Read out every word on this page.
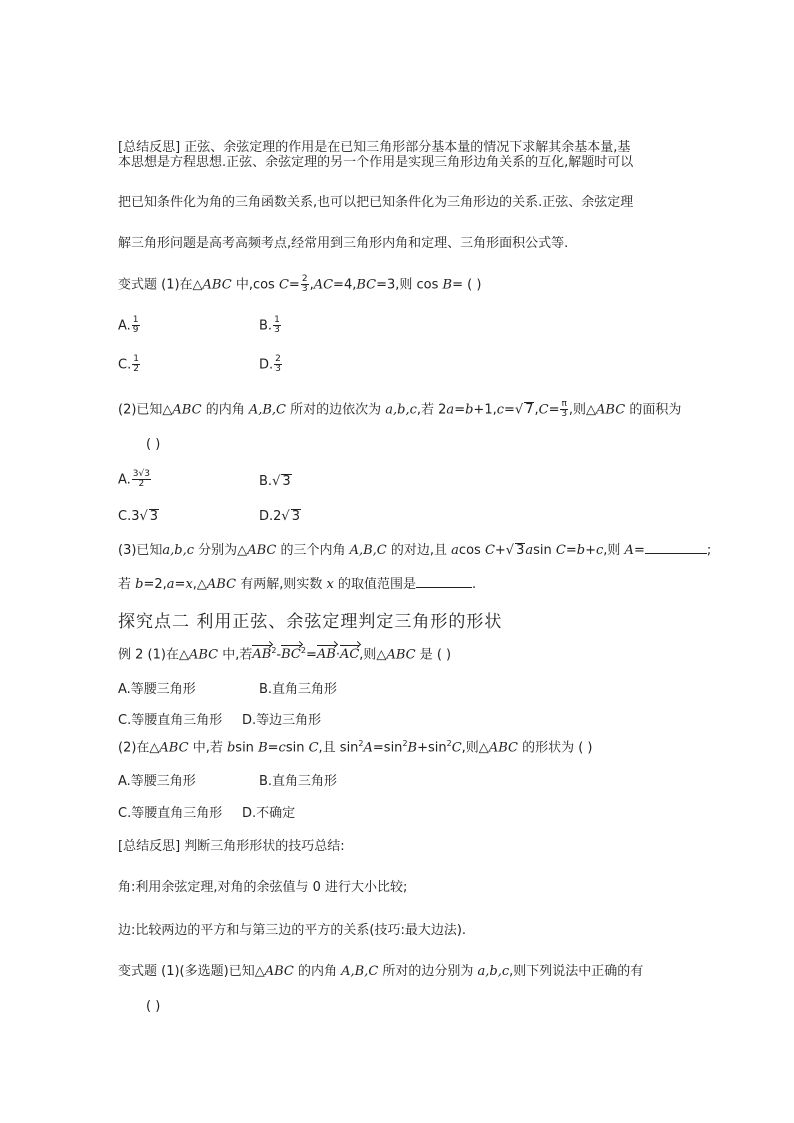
[总结反思] 正弦、余弦定理的作用是在已知三角形部分基本量的情况下求解其余基本量,基
本思想是方程思想.正弦、余弦定理的另一个作用是实现三角形边角关系的互化,解题时可以
把已知条件化为角的三角函数关系,也可以把已知条件化为三角形边的关系.正弦、余弦定理
解三角形问题是高考高频考点,经常用到三角形内角和定理、三角形面积公式等.
变式题 (1)在△ABC 中,cos $C= \frac{2}{3} ,AC=4,BC=3$,则 cos B= ( )
A. $\frac{1}{9}$	B. $\frac{1}{3}$
C. $\frac{1}{2}$	D. $\frac{2}{3}$
(2)已知△ABC 的内角 A,B,C 所对的边依次为 a,b,c,若 2a=b+1,c=√ $7,C= \frac{\pi}{3}$ ,则△ABC 的面积为
( )
A. $\frac{3√3}{2}$	B.√ 3
C.3√ 3	D.2√ 3
(3)已知a,b,c 分别为△ABC 的三个内角 A,B,C 的对边,且 acos C+√ 3asin C=b+c,则 A=	;
若 b=2,a=x,△ABC 有两解,则实数 x 的取值范围是	.
探究点二 利用正弦、余弦定理判定三角形的形状
例 2 (1)在△ABC 中,若$AB^2-BC^2=AB\cdot AC$,则△ABC 是 ( )
A.等腰三角形	B.直角三角形
C.等腰直角三角形 D.等边三角形
(2)在△ABC 中,若 bsin B=csin C,且 $\sin^2A=\sin^2B+\sin^2C$,则△ABC 的形状为 ( )
A.等腰三角形	B.直角三角形
C.等腰直角三角形 D.不确定
[总结反思] 判断三角形形状的技巧总结:
角:利用余弦定理,对角的余弦值与 0 进行大小比较;
边:比较两边的平方和与第三边的平方的关系(技巧:最大边法).
变式题 (1)(多选题)已知△ABC 的内角 A,B,C 所对的边分别为 a,b,c,则下列说法中正确的有
( )
